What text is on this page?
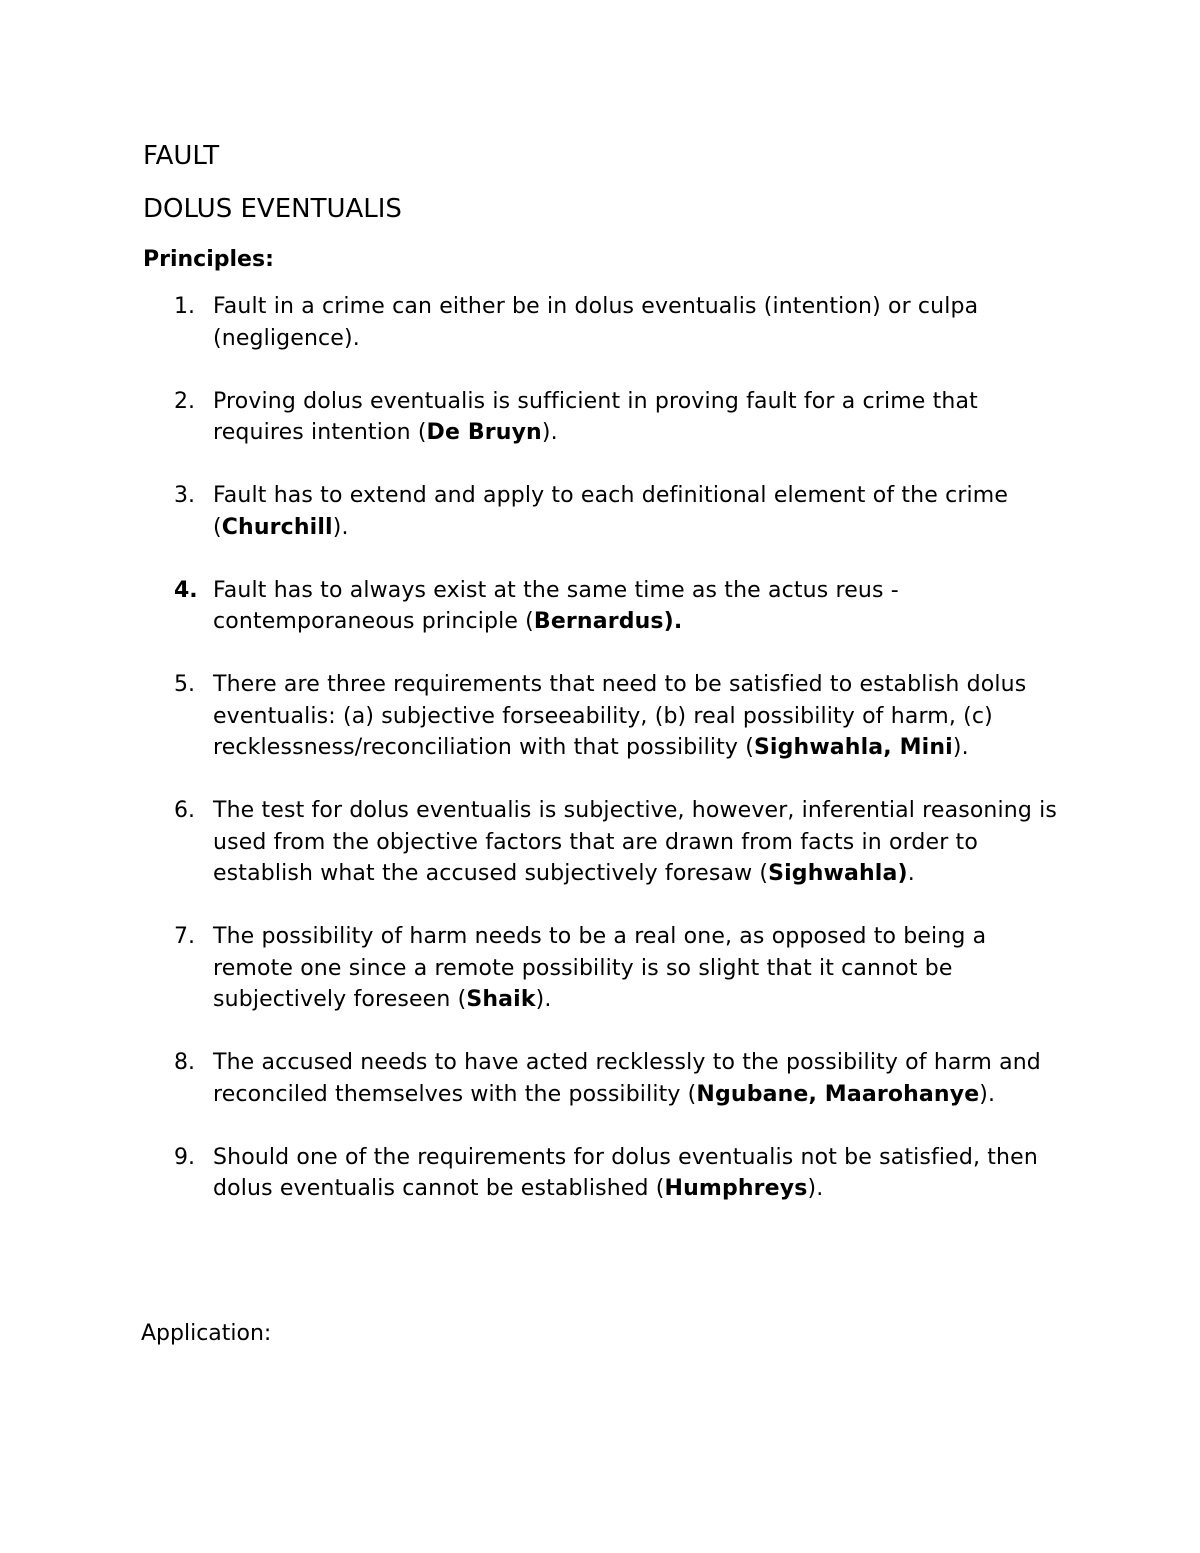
FAULT
DOLUS EVENTUALIS

Principles:

1. Fault in a crime can either be in dolus eventualis (intention) or culpa (negligence).
2. Proving dolus eventualis is sufficient in proving fault for a crime that requires intention (De Bruyn).
3. Fault has to extend and apply to each definitional element of the crime (Churchill).
4. Fault has to always exist at the same time as the actus reus - contemporaneous principle (Bernardus).
5. There are three requirements that need to be satisfied to establish dolus eventualis: (a) subjective forseeability, (b) real possibility of harm, (c) recklessness/reconciliation with that possibility (Sighwahla, Mini).
6. The test for dolus eventualis is subjective, however, inferential reasoning is used from the objective factors that are drawn from facts in order to establish what the accused subjectively foresaw (Sighwahla).
7. The possibility of harm needs to be a real one, as opposed to being a remote one since a remote possibility is so slight that it cannot be subjectively foreseen (Shaik).
8. The accused needs to have acted recklessly to the possibility of harm and reconciled themselves with the possibility (Ngubane, Maarohanye).
9. Should one of the requirements for dolus eventualis not be satisfied, then dolus eventualis cannot be established (Humphreys).

Application:
